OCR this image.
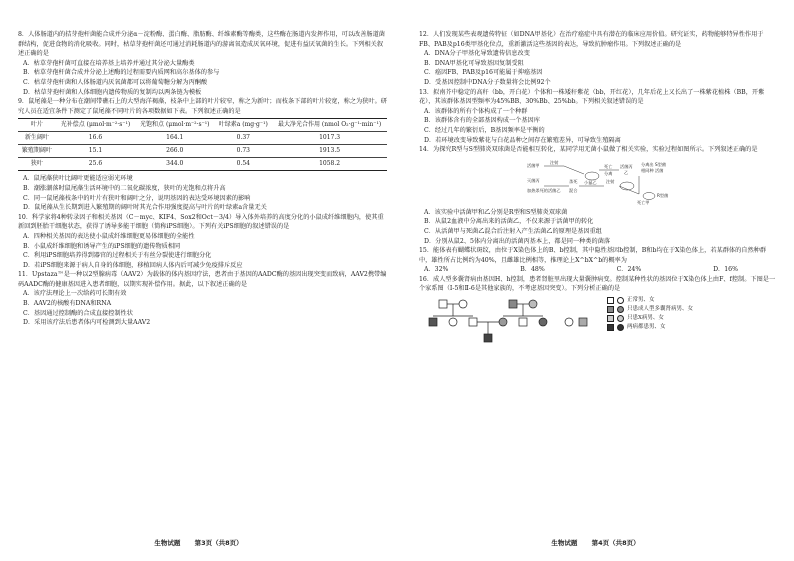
8．人体肠道内的拮芽孢杆菌能合成并分泌α－淀粉酶、蛋白酶、脂肪酶、纤维素酶等酶类，这些酶在肠道内发挥作用，可以改善肠道菌群结构，促进食物的消化吸收。同时，枯草芽孢杆菌还可通过消耗肠道内的游离氧造成厌氧环境，促进有益厌氧菌的生长。下列相关叙述正确的是

A．枯草芽孢杆菌可直接在培养基上培养并通过其分泌大量酶类

B．枯草芽孢杆菌合成并分泌上述酶的过程需要内质网和高尔基体的参与

C．枯草芽孢杆菌和人体肠道内厌氧菌都可以将葡萄糖分解为丙酮酸

D．枯草芽孢杆菌和人体细胞内遗传物质的复制均以两条链为模板

9．鼠尾藻是一种分布在潮间带礁石上的大型海洋褐藻，枝条中上部的叶片较窄，称之为新叶；而枝条下部的叶片较宽，称之为狭叶。研究人员在适宜条件下测定了鼠尾藻不同叶片的各项数据如下表。下列叙述正确的是

叶片	光补偿点 (μmol·m⁻²·s⁻¹)	光饱和点 (μmol·m⁻²·s⁻¹)	叶绿素a (mg·g⁻¹)	最大净光合作用 (nmol O₂·g⁻¹·min⁻¹)
新生阔叶	16.6	164.1	0.37	1017.3
繁殖期阔叶	15.1	266.0	0.73	1913.5
狭叶	25.6	344.0	0.54	1058.2

A．鼠尾藻狭叶比阔叶更能适应弱光环境

B．潮涨潮落时鼠尾藻生活环境中的二氧化碳浓度，狭叶的光饱和点将升高

C．同一鼠尾藻枝条中的叶片有狭叶和阔叶之分，说明基因的表达受环境因素的影响

D．鼠尾藻从生长期到进入繁殖期的阔叶时其光合作用强度提高与叶片的叶绿素a含量无关

10．科学家将4种转录因子和相关基因（C－myc、KIF4、Sox2和Oct－3/4）导入体外培养的高度分化的小鼠成纤维细胞内，使其重新回到胚胎干细胞状态，获得了诱导多能干细胞（简称iPS细胞）。下列有关iPS细胞的叙述错误的是

A．四种相关基因的表达使小鼠成纤维细胞更易体细胞的全能性

B．小鼠成纤维细胞和诱导产生的iPS细胞的遗传物质相同

C．利用iPS细胞培养得到器官的过程相关于有丝分裂使进行细胞分化

D．若iPS细胞来源于病人自身的体细胞，移植回病人体内后可减少免疫排斥反应

11．Upstaza™是一种以2型腺病毒（AAV2）为载体的体内基因疗法，患者由于基因的AADC酶的基因出现突变而致病，AAV2携带编码AADC酶的健康基因进入患者细胞，以期实现补偿作用。据此，以下叙述正确的是

A．该疗法理论上一次给药可长期有效

B．AAV2的核酸有DNA和RNA

C．基因通过控制酶的合成直接控制性状

D．采用该疗法后患者体内可检测到大量AAV2

生物试题 第3页（共8页）

12．人们发现某些表观遗传特征（如DNA甲基化）在治疗癌症中具有潜在的临床应用价值。研究证实，药物能够特异性作用于FB、PAB及p16类甲基化位点，重新激活这些基因的表达，导致抗肿瘤作用。下列叙述正确的是

A．DNA分子甲基化导致遗传信息改变

B．DNA甲基化可导致基因复制受阻

C．癌因FB、PAB及p16可能属于抑癌基因

D．受基因控制中DNA分子数量将会比例92个

13．拟南芥中稳定的高秆（bb，开白花）个体和一株矮秆紫花（bb，开红花），几年后花上又长出了一株紫花植株（BB，开紫花），其该群体基因型频率为45%BB、30%Bb、25%bb。下列相关叙述错误的是

A．该群体的所有个体构成了一个种群

B．该群体含有的全部基因构成一个基因库

C．经过几年的繁衍后，B基因频率是平衡的

D．若环境改变导致紫花与白花品种之间存在繁殖差异，可导致生殖隔离

14．为探究R型与S型肺炎双球菌是否能相互转化，某同学用无菌小鼠做了相关实验，实验过程如图所示。下列叙述正确的是

活菌甲
注射
小鼠乙
死亡
分离
活菌丙
乙
分离出
相同种
S型菌
活菌
灭菌丙
加热杀死的活菌乙
杀死
混合
注射
死亡甲
R型菌

A．该实验中活菌甲和乙分别是R型和S型肺炎双球菌

B．从鼠2血液中分离出来的活菌乙，不仅来源于活菌甲的转化

C．从活菌甲与死菌乙混合后注射入产生活菌乙的原理是基因重组

D．分别从鼠2、5体内分离出的活菌丙基本上，都是同一种类的菌落

15．能体表有蝴蝶状斑纹，由位于X染色体上的B、b控制，其中隐性基因b控制，B和b均在于X染色体上，若某群体的自然种群中，雄性所占比例约为40%，且雌雄比例相等，推理论上X^bX^b的概率为

A．32%	B．48%	C．24%	D．16%

16．成人型多囊肾病由基因H、h控制，患者肾脏里出现大量囊肿病变。控制某种性状的基因位于X染色体上由F、f控制。下图是一个家系图（Ⅰ-5和Ⅱ-6是其他家族的，不考虑基因突变）。下列分析正确的是

正常男、女
只患成人型多囊肾病男、女
只患X病男、女
两病都患男、女
生物试题 第4页（共8页）
